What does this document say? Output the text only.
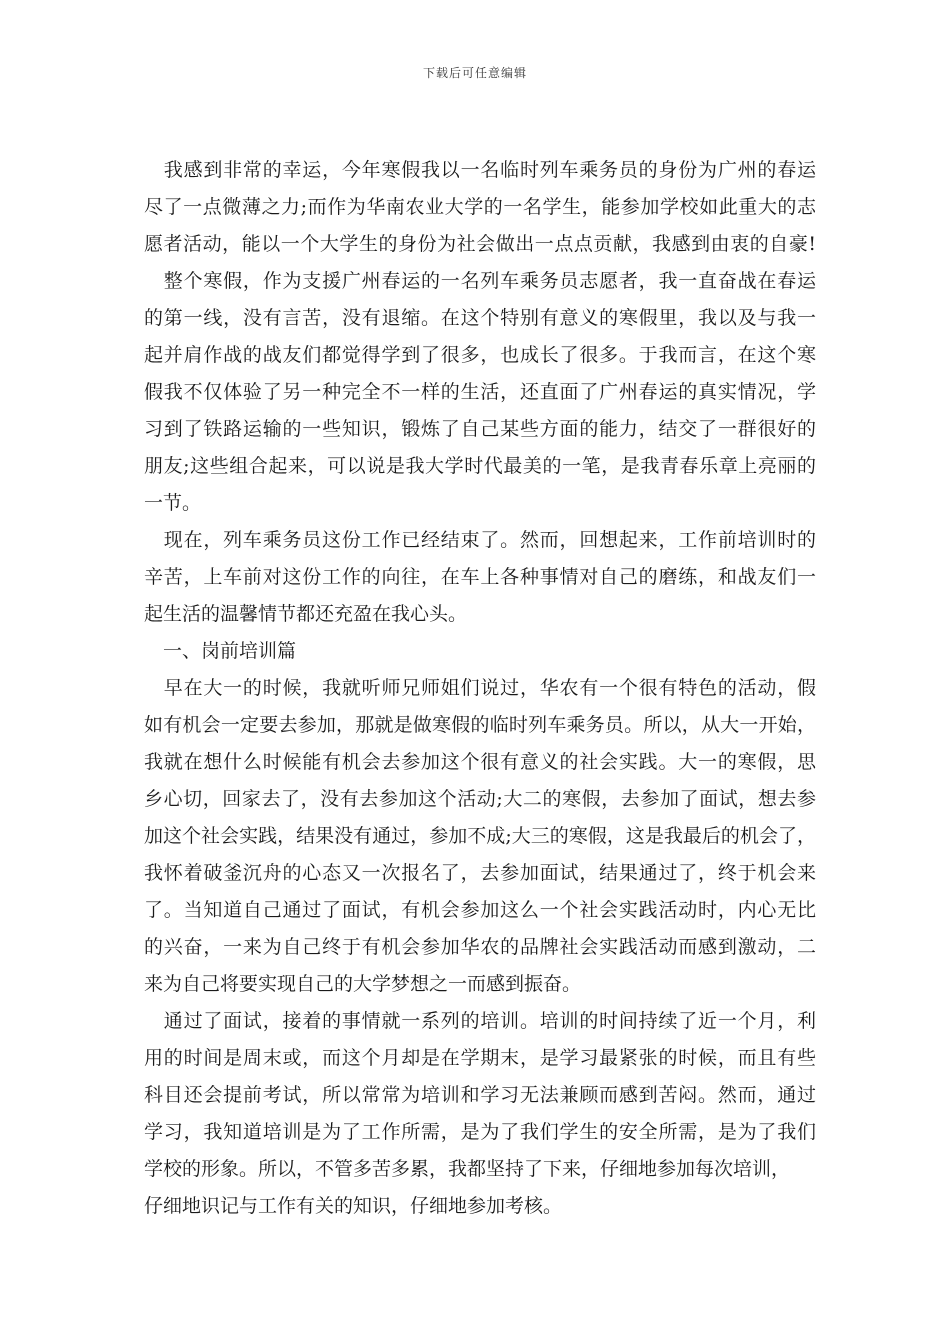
下载后可任意编辑
　我感到非常的幸运，今年寒假我以一名临时列车乘务员的身份为广州的春运
尽了一点微薄之力;而作为华南农业大学的一名学生，能参加学校如此重大的志
愿者活动，能以一个大学生的身份为社会做出一点点贡献，我感到由衷的自豪!
　整个寒假，作为支援广州春运的一名列车乘务员志愿者，我一直奋战在春运
的第一线，没有言苦，没有退缩。在这个特别有意义的寒假里，我以及与我一
起并肩作战的战友们都觉得学到了很多，也成长了很多。于我而言，在这个寒
假我不仅体验了另一种完全不一样的生活，还直面了广州春运的真实情况，学
习到了铁路运输的一些知识，锻炼了自己某些方面的能力，结交了一群很好的
朋友;这些组合起来，可以说是我大学时代最美的一笔，是我青春乐章上亮丽的
一节。
　现在，列车乘务员这份工作已经结束了。然而，回想起来，工作前培训时的
辛苦，上车前对这份工作的向往，在车上各种事情对自己的磨练，和战友们一
起生活的温馨情节都还充盈在我心头。
　一、岗前培训篇
　早在大一的时候，我就听师兄师姐们说过，华农有一个很有特色的活动，假
如有机会一定要去参加，那就是做寒假的临时列车乘务员。所以，从大一开始，
我就在想什么时候能有机会去参加这个很有意义的社会实践。大一的寒假，思
乡心切，回家去了，没有去参加这个活动;大二的寒假，去参加了面试，想去参
加这个社会实践，结果没有通过，参加不成;大三的寒假，这是我最后的机会了，
我怀着破釜沉舟的心态又一次报名了，去参加面试，结果通过了，终于机会来
了。当知道自己通过了面试，有机会参加这么一个社会实践活动时，内心无比
的兴奋，一来为自己终于有机会参加华农的品牌社会实践活动而感到激动，二
来为自己将要实现自己的大学梦想之一而感到振奋。
　通过了面试，接着的事情就一系列的培训。培训的时间持续了近一个月，利
用的时间是周末或，而这个月却是在学期末，是学习最紧张的时候，而且有些
科目还会提前考试，所以常常为培训和学习无法兼顾而感到苦闷。然而，通过
学习，我知道培训是为了工作所需，是为了我们学生的安全所需，是为了我们
学校的形象。所以，不管多苦多累，我都坚持了下来，仔细地参加每次培训，
仔细地识记与工作有关的知识，仔细地参加考核。
